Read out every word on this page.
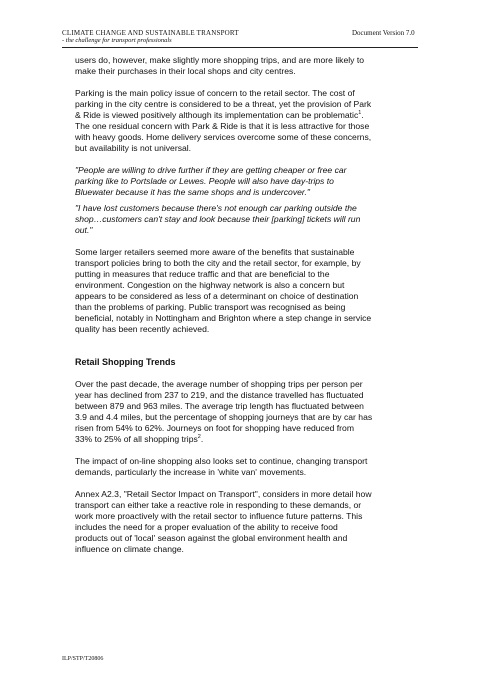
CLIMATE CHANGE AND SUSTAINABLE TRANSPORT
- the challenge for transport professionals
Document Version 7.0

users do, however, make slightly more shopping trips, and are more likely to

make their purchases in their local shops and city centres.

Parking is the main policy issue of concern to the retail sector. The cost of

parking in the city centre is considered to be a threat, yet the provision of Park

& Ride is viewed positively although its implementation can be problematic$^1$.

The one residual concern with Park & Ride is that it is less attractive for those

with heavy goods. Home delivery services overcome some of these concerns,

but availability is not universal.

"People are willing to drive further if they are getting cheaper or free car

parking like to Portslade or Lewes. People will also have day-trips to

Bluewater because it has the same shops and is undercover."

"I have lost customers because there's not enough car parking outside the

shop…customers can't stay and look because their [parking] tickets will run

out."

Some larger retailers seemed more aware of the benefits that sustainable

transport policies bring to both the city and the retail sector, for example, by

putting in measures that reduce traffic and that are beneficial to the

environment. Congestion on the highway network is also a concern but

appears to be considered as less of a determinant on choice of destination

than the problems of parking. Public transport was recognised as being

beneficial, notably in Nottingham and Brighton where a step change in service

quality has been recently achieved.

Retail Shopping Trends

Over the past decade, the average number of shopping trips per person per

year has declined from 237 to 219, and the distance travelled has fluctuated

between 879 and 963 miles. The average trip length has fluctuated between

3.9 and 4.4 miles, but the percentage of shopping journeys that are by car has

risen from 54% to 62%. Journeys on foot for shopping have reduced from

33% to 25% of all shopping trips$^2$.

The impact of on-line shopping also looks set to continue, changing transport

demands, particularly the increase in 'white van' movements.

Annex A2.3, "Retail Sector Impact on Transport", considers in more detail how

transport can either take a reactive role in responding to these demands, or

work more proactively with the retail sector to influence future patterns. This

includes the need for a proper evaluation of the ability to receive food

products out of 'local' season against the global environment health and

influence on climate change.

ILP/STP/T20806
